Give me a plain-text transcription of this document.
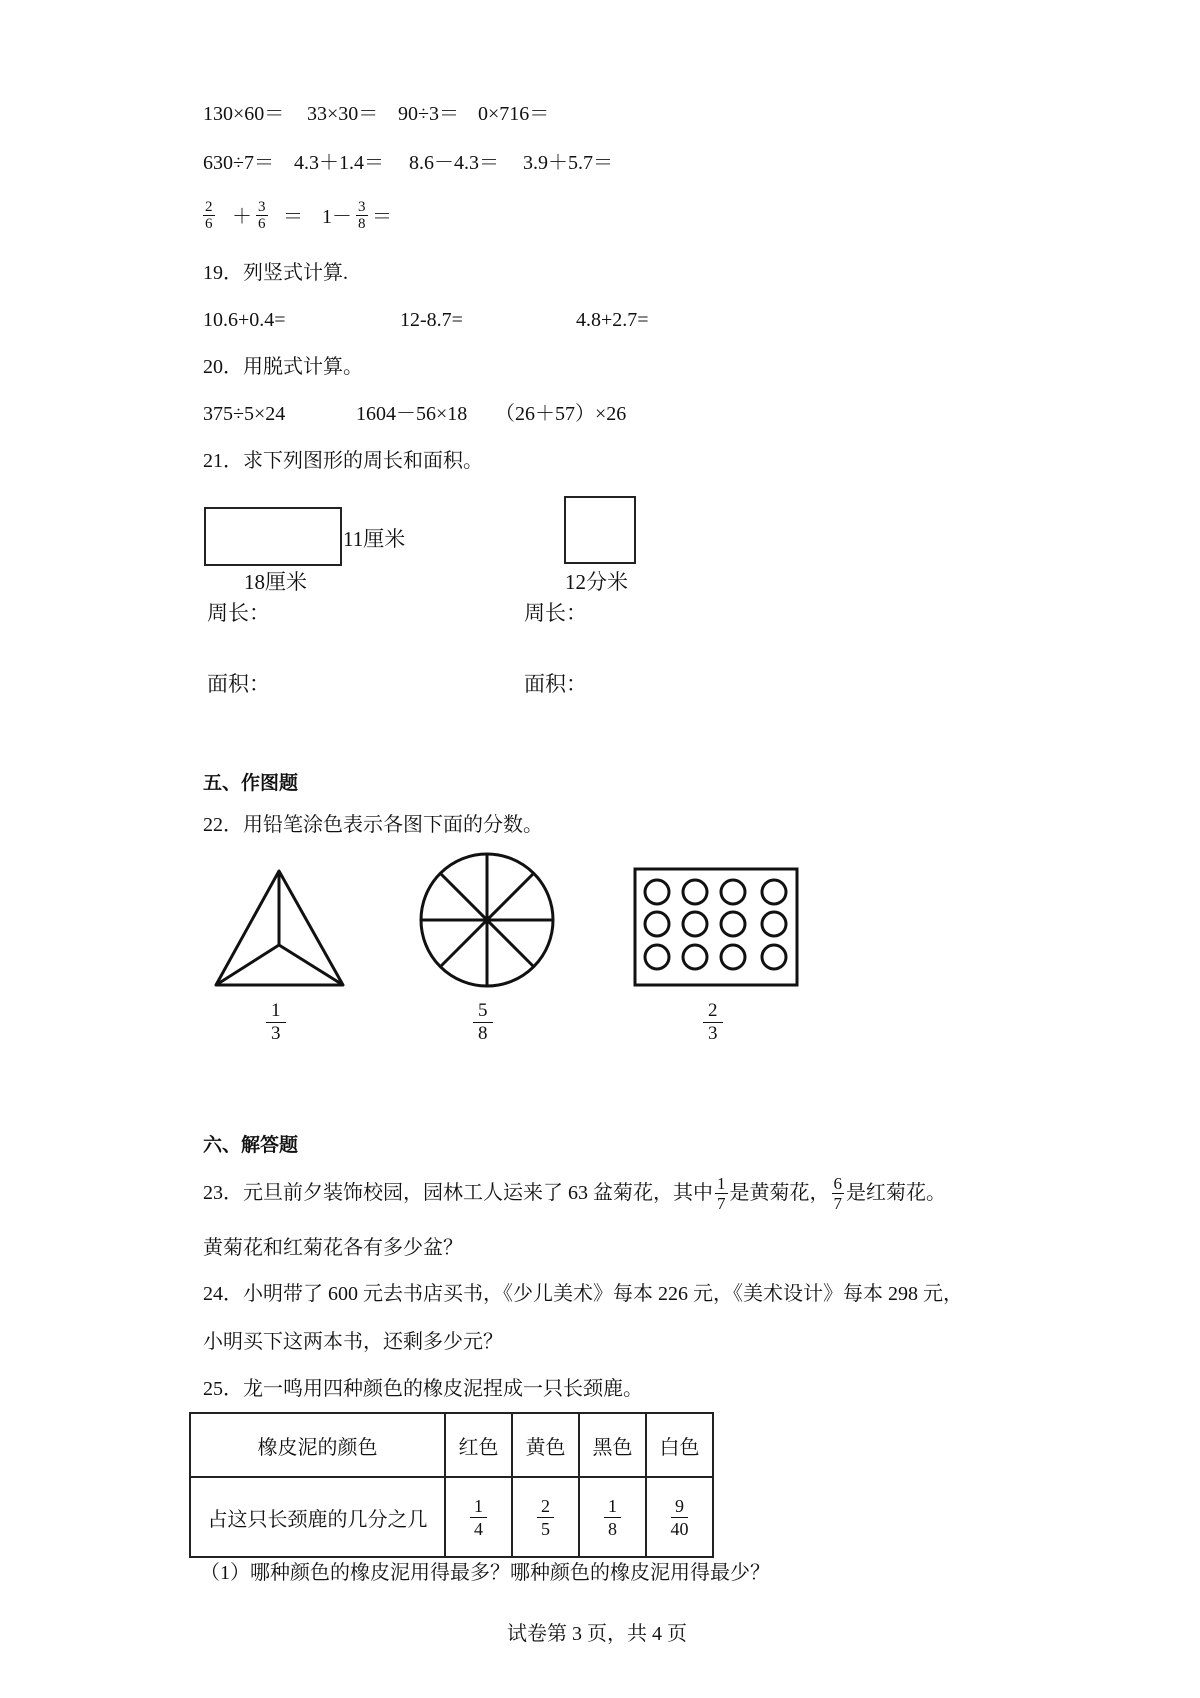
130×60＝ 33×30＝ 90÷3＝ 0×716＝
630÷7＝ 4.3＋1.4＝ 8.6－4.3＝ 3.9＋5.7＝
$\frac{2}{6} + \frac{3}{6} = 1- \frac{3}{8}$ ＝
19．列竖式计算.
10.6+0.4=	12-8.7=	4.8+2.7=
20．用脱式计算。
375÷5×24	1604－56×18 （26＋57）×26
21．求下列图形的周长和面积。
11厘米
18厘米	12分米
周长：	周长：
面积：	面积：
五、作图题
22．用铅笔涂色表示各图下面的分数。
$\frac{1}{3}$	$\frac{5}{8}$	$\frac{2}{3}$
六、解答题
23．元旦前夕装饰校园，园林工人运来了 63 盆菊花，其中 $\frac{1}{7}$ 是黄菊花， $\frac{6}{7}$ 是红菊花。
黄菊花和红菊花各有多少盆？
24．小明带了 600 元去书店买书，《少儿美术》每本 226 元，《美术设计》每本 298 元，
小明买下这两本书，还剩多少元？
25．龙一鸣用四种颜色的橡皮泥捏成一只长颈鹿。
橡皮泥的颜色	红色	黄色	黑色	白色
占这只长颈鹿的几分之几	$\frac{1}{4}$	$\frac{2}{5}$	$\frac{1}{8}$	$\frac{9}{40}$
（1）哪种颜色的橡皮泥用得最多？哪种颜色的橡皮泥用得最少？
试卷第 3 页，共 4 页
